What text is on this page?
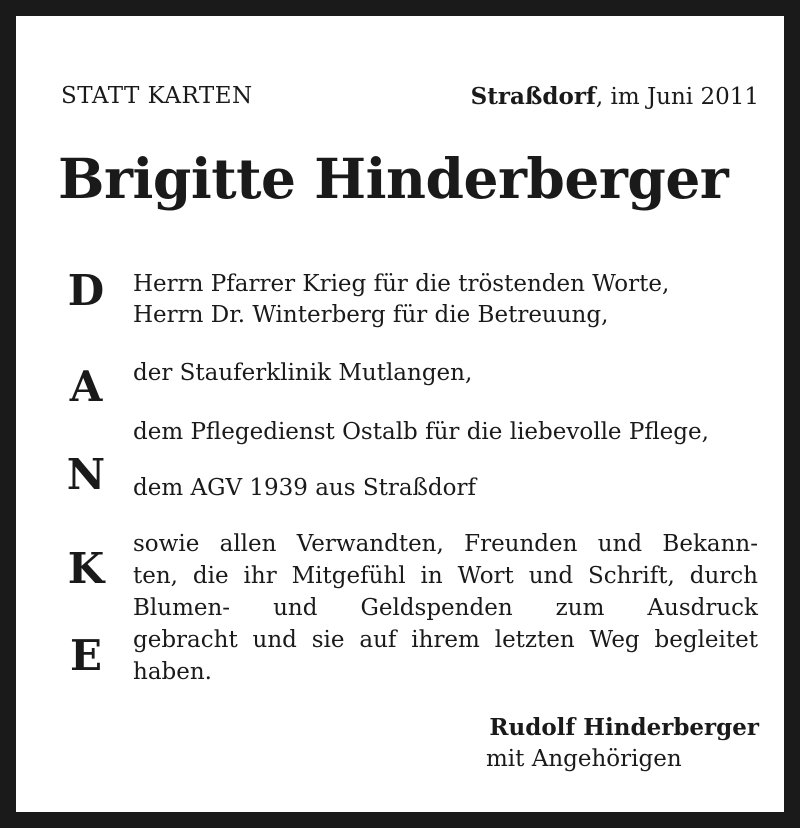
STATT KARTEN	Straßdorf, im Juni 2011
Brigitte Hinderberger
D
A
N
K
E
Herrn Pfarrer Krieg für die tröstenden Worte,
Herrn Dr. Winterberg für die Betreuung,
der Stauferklinik Mutlangen,
dem Pflegedienst Ostalb für die liebevolle Pflege,
dem AGV 1939 aus Straßdorf
sowie allen Verwandten, Freunden und Bekann-
ten, die ihr Mitgefühl in Wort und Schrift, durch
Blumen- und Geldspenden zum Ausdruck
gebracht und sie auf ihrem letzten Weg begleitet
haben.
Rudolf Hinderberger
mit Angehörigen
